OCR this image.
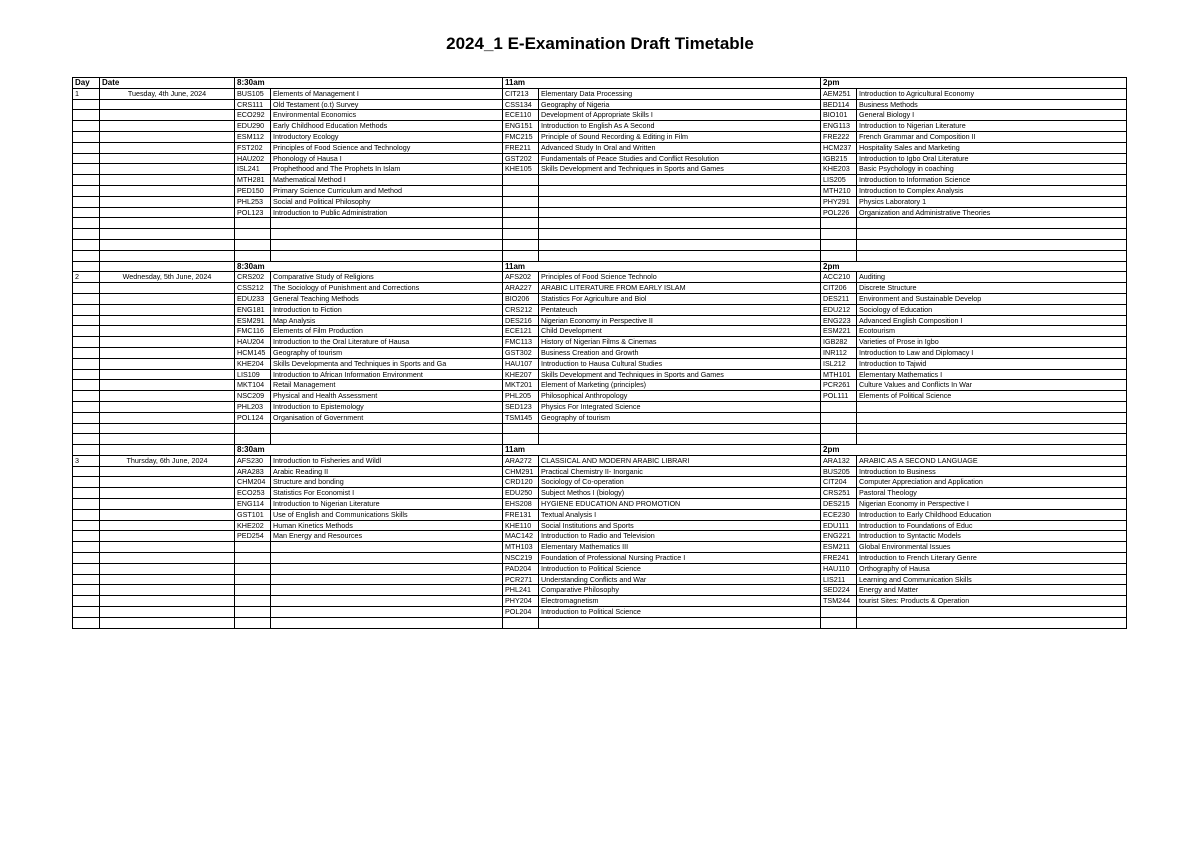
2024_1 E-Examination Draft Timetable
Day	Date	8:30am		11am		2pm	
1	Tuesday, 4th June, 2024	BUS105	Elements of Management I	CIT213	Elementary Data Processing	AEM251	Introduction to Agricultural Economy
		CRS111	Old Testament (o.t) Survey	CSS134	Geography of Nigeria	BED114	Business Methods
		ECO292	Environmental Economics	ECE110	Development of Appropriate Skills I	BIO101	General Biology I
		EDU290	Early Childhood Education Methods	ENG151	Introduction to English As A Second	ENG113	Introduction to Nigerian Literature
		ESM112	Introductory Ecology	FMC215	Principle of Sound Recording & Editing in Film	FRE222	French Grammar and Composition II
		FST202	Principles of Food Science and Technology	FRE211	Advanced Study In Oral and Written	HCM237	Hospitality Sales and Marketing
		HAU202	Phonology of Hausa I	GST202	Fundamentals of Peace Studies and Conflict Resolution	IGB215	Introduction to Igbo Oral Literature
		ISL241	Prophethood and The Prophets In Islam	KHE105	Skills Development and Techniques in Sports and Games	KHE203	Basic Psychology in coaching
		MTH281	Mathematical Method I			LIS205	Introduction to Information Science
		PED150	Primary Science Curriculum and Method			MTH210	Introduction to Complex Analysis
		PHL253	Social and Political Philosophy			PHY291	Physics Laboratory 1
		POL123	Introduction to Public Administration			POL226	Organization and Administrative Theories

		8:30am		11am		2pm	
2	Wednesday, 5th June, 2024	CRS202	Comparative Study of Religions	AFS202	Principles of Food Science Technolo	ACC210	Auditing
		CSS212	The Sociology of Punishment and Corrections	ARA227	ARABIC LITERATURE FROM EARLY ISLAM	CIT206	Discrete Structure
		EDU233	General Teaching Methods	BIO206	Statistics For Agriculture and Biol	DES211	Environment and Sustainable Develop
		ENG181	Introduction to Fiction	CRS212	Pentateuch	EDU212	Sociology of Education
		ESM291	Map Analysis	DES216	Nigerian Economy in Perspective II	ENG223	Advanced English Composition I
		FMC116	Elements of Film Production	ECE121	Child Development	ESM221	Ecotourism
		HAU204	Introduction to the Oral Literature of Hausa	FMC113	History of Nigerian Films & Cinemas	IGB282	Varieties of Prose in Igbo
		HCM145	Geography of tourism	GST302	Business Creation and Growth	INR112	Introduction to Law and Diplomacy I
		KHE204	Skills Developmenta and Techniques in Sports and Ga	HAU107	Introduction to Hausa Cultural Studies	ISL212	Introduction to Tajwid
		LIS109	Introduction to African Information Environment	KHE207	Skills Development and Techniques in Sports and Games	MTH101	Elementary Mathematics I
		MKT104	Retail Management	MKT201	Element of Marketing (principles)	PCR261	Culture Values and Conflicts In War
		NSC209	Physical and Health Assessment	PHL205	Philosophical Anthropology	POL111	Elements of Political Science
		PHL203	Introduction to Epistemology	SED123	Physics For Integrated Science		
		POL124	Organisation of Government	TSM145	Geography of tourism		

		8:30am		11am		2pm	
3	Thursday, 6th June, 2024	AFS230	Introduction to Fisheries and Wildl	ARA272	CLASSICAL AND MODERN ARABIC LIBRARI	ARA132	ARABIC AS A SECOND LANGUAGE
		ARA283	Arabic Reading II	CHM291	Practical Chemistry II- Inorganic	BUS205	Introduction to Business
		CHM204	Structure and bonding	CRD120	Sociology of Co-operation	CIT204	Computer Appreciation and Application
		ECO253	Statistics For Economist I	EDU250	Subject Methos I (biology)	CRS251	Pastoral Theology
		ENG114	Introduction to Nigerian Literature	EHS208	HYGIENE EDUCATION AND PROMOTION	DES215	Nigerian Economy in Perspective I
		GST101	Use of English and Communications Skills	FRE131	Textual Analysis I	ECE230	Introduction to Early Childhood Education
		KHE202	Human Kinetics Methods	KHE110	Social Institutions and Sports	EDU111	Introduction to Foundations of Educ
		PED254	Man Energy and Resources	MAC142	Introduction to Radio and Television	ENG221	Introduction to Syntactic Models
				MTH103	Elementary Mathematics III	ESM211	Global Environmental Issues
				NSC219	Foundation of Professional Nursing Practice I	FRE241	Introduction to French Literary Genre
				PAD204	Introduction to Political Science	HAU110	Orthography of Hausa
				PCR271	Understanding Conflicts and War	LIS211	Learning and Communication Skills
				PHL241	Comparative Philosophy	SED224	Energy and Matter
				PHY204	Electromagnetism	TSM244	tourist Sites: Products & Operation
				POL204	Introduction to Political Science		
